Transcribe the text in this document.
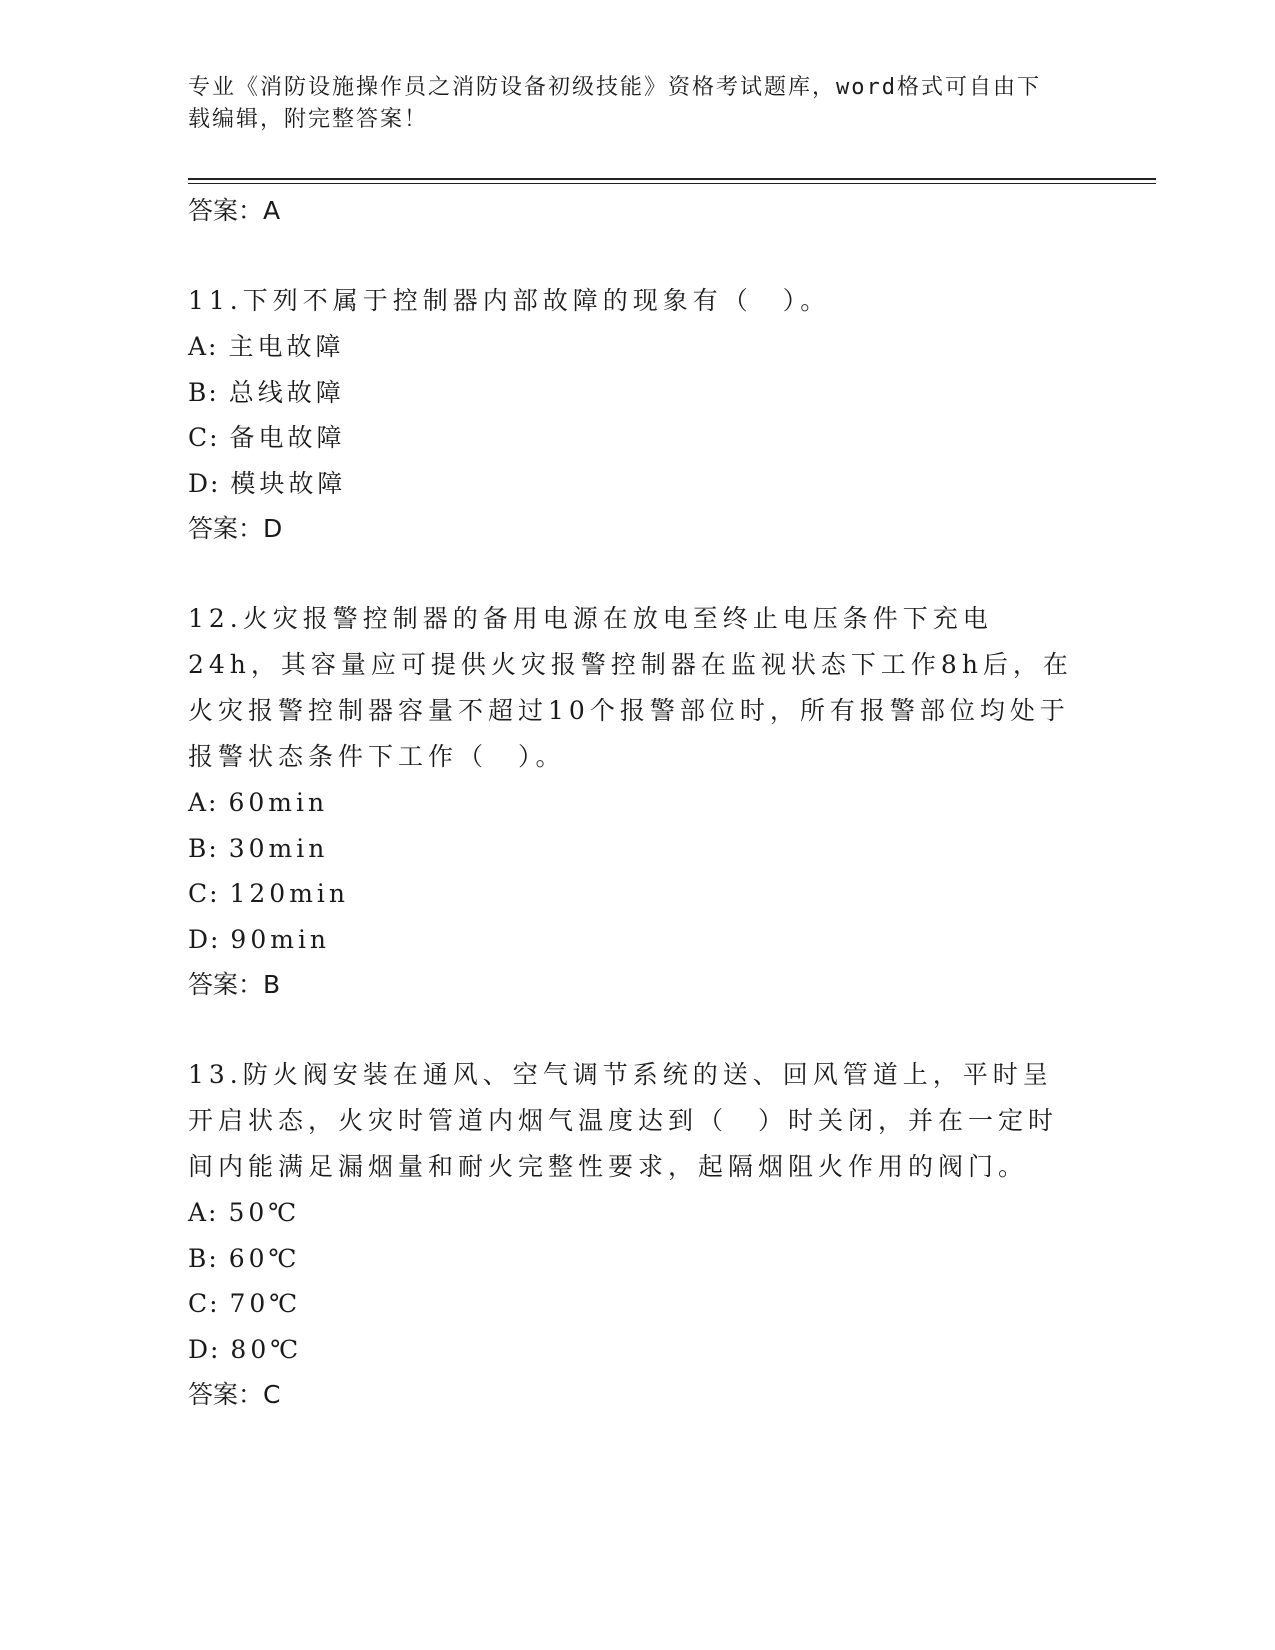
专业《消防设施操作员之消防设备初级技能》资格考试题库，word格式可自由下
载编辑，附完整答案！
答案：A
11.下列不属于控制器内部故障的现象有（　）。
A: 主电故障
B: 总线故障
C: 备电故障
D: 模块故障
答案：D
12.火灾报警控制器的备用电源在放电至终止电压条件下充电24h，其容量应可提供火灾报警控制器在监视状态下工作8h后，在火灾报警控制器容量不超过10个报警部位时，所有报警部位均处于报警状态条件下工作（　）。
A: 60min
B: 30min
C: 120min
D: 90min
答案：B
13.防火阀安装在通风、空气调节系统的送、回风管道上，平时呈开启状态，火灾时管道内烟气温度达到（　）时关闭，并在一定时间内能满足漏烟量和耐火完整性要求，起隔烟阻火作用的阀门。
A: 50℃
B: 60℃
C: 70℃
D: 80℃
答案：C
